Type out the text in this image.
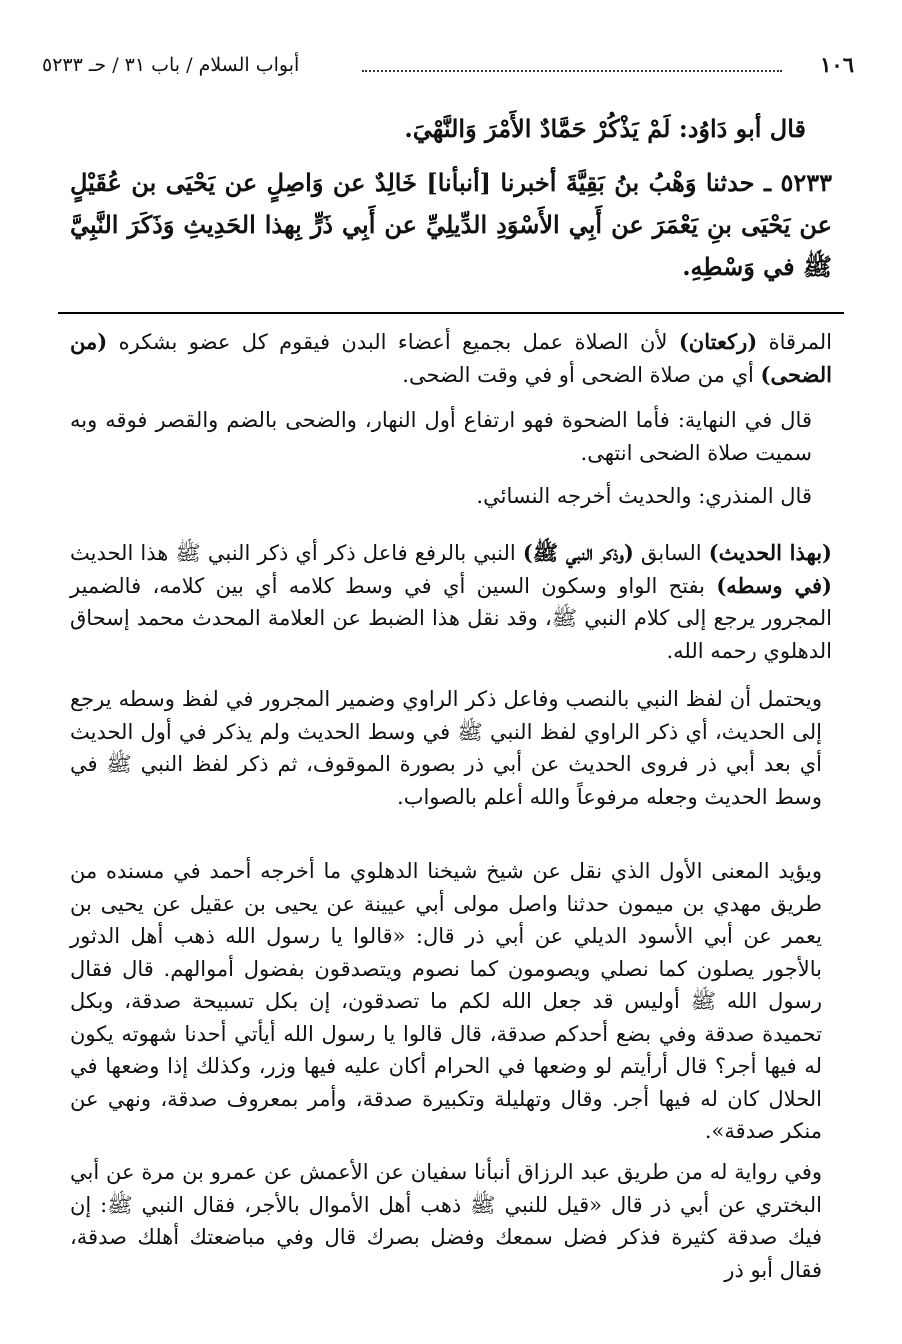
١٠٦
أبواب السلام / باب ٣١ / حـ ٥٢٣٣
قال أبو دَاوُد: لَمْ يَذْكُرْ حَمَّادٌ الأَمْرَ وَالنَّهْيَ.
٥٢٣٣ ـ حدثنا وَهْبُ بنُ بَقِيَّةَ أخبرنا [أنبأنا] خَالِدٌ عن وَاصِلٍ عن يَحْيَى بن عُقَيْلٍ عن يَحْيَى بنِ يَعْمَرَ عن أَبِي الأَسْوَدِ الدِّيلِيِّ عن أَبِي ذَرٍّ بِهذا الحَدِيثِ وَذَكَرَ النَّبِيَّ ﷺ في وَسْطِهِ.
المرقاة (ركعتان) لأن الصلاة عمل بجميع أعضاء البدن فيقوم كل عضو بشكره (من الضحى) أي من صلاة الضحى أو في وقت الضحى.
قال في النهاية: فأما الضحوة فهو ارتفاع أول النهار، والضحى بالضم والقصر فوقه وبه سميت صلاة الضحى انتهى.
قال المنذري: والحديث أخرجه النسائي.
(بهذا الحديث) السابق (وذكر النبي ﷺ) النبي بالرفع فاعل ذكر أي ذكر النبي ﷺ هذا الحديث (في وسطه) بفتح الواو وسكون السين أي في وسط كلامه أي بين كلامه، فالضمير المجرور يرجع إلى كلام النبي ﷺ، وقد نقل هذا الضبط عن العلامة المحدث محمد إسحاق الدهلوي رحمه الله.
ويحتمل أن لفظ النبي بالنصب وفاعل ذكر الراوي وضمير المجرور في لفظ وسطه يرجع إلى الحديث، أي ذكر الراوي لفظ النبي ﷺ في وسط الحديث ولم يذكر في أول الحديث أي بعد أبي ذر فروى الحديث عن أبي ذر بصورة الموقوف، ثم ذكر لفظ النبي ﷺ في وسط الحديث وجعله مرفوعاً والله أعلم بالصواب.
ويؤيد المعنى الأول الذي نقل عن شيخ شيخنا الدهلوي ما أخرجه أحمد في مسنده من طريق مهدي بن ميمون حدثنا واصل مولى أبي عيينة عن يحيى بن عقيل عن يحيى بن يعمر عن أبي الأسود الديلي عن أبي ذر قال: «قالوا يا رسول الله ذهب أهل الدثور بالأجور يصلون كما نصلي ويصومون كما نصوم ويتصدقون بفضول أموالهم. قال فقال رسول الله ﷺ أوليس قد جعل الله لكم ما تصدقون، إن بكل تسبيحة صدقة، وبكل تحميدة صدقة وفي بضع أحدكم صدقة، قال قالوا يا رسول الله أيأتي أحدنا شهوته يكون له فيها أجر؟ قال أرأيتم لو وضعها في الحرام أكان عليه فيها وزر، وكذلك إذا وضعها في الحلال كان له فيها أجر. وقال وتهليلة وتكبيرة صدقة، وأمر بمعروف صدقة، ونهي عن منكر صدقة».
وفي رواية له من طريق عبد الرزاق أنبأنا سفيان عن الأعمش عن عمرو بن مرة عن أبي البختري عن أبي ذر قال «قيل للنبي ﷺ ذهب أهل الأموال بالأجر، فقال النبي ﷺ: إن فيك صدقة كثيرة فذكر فضل سمعك وفضل بصرك قال وفي مباضعتك أهلك صدقة، فقال أبو ذر
